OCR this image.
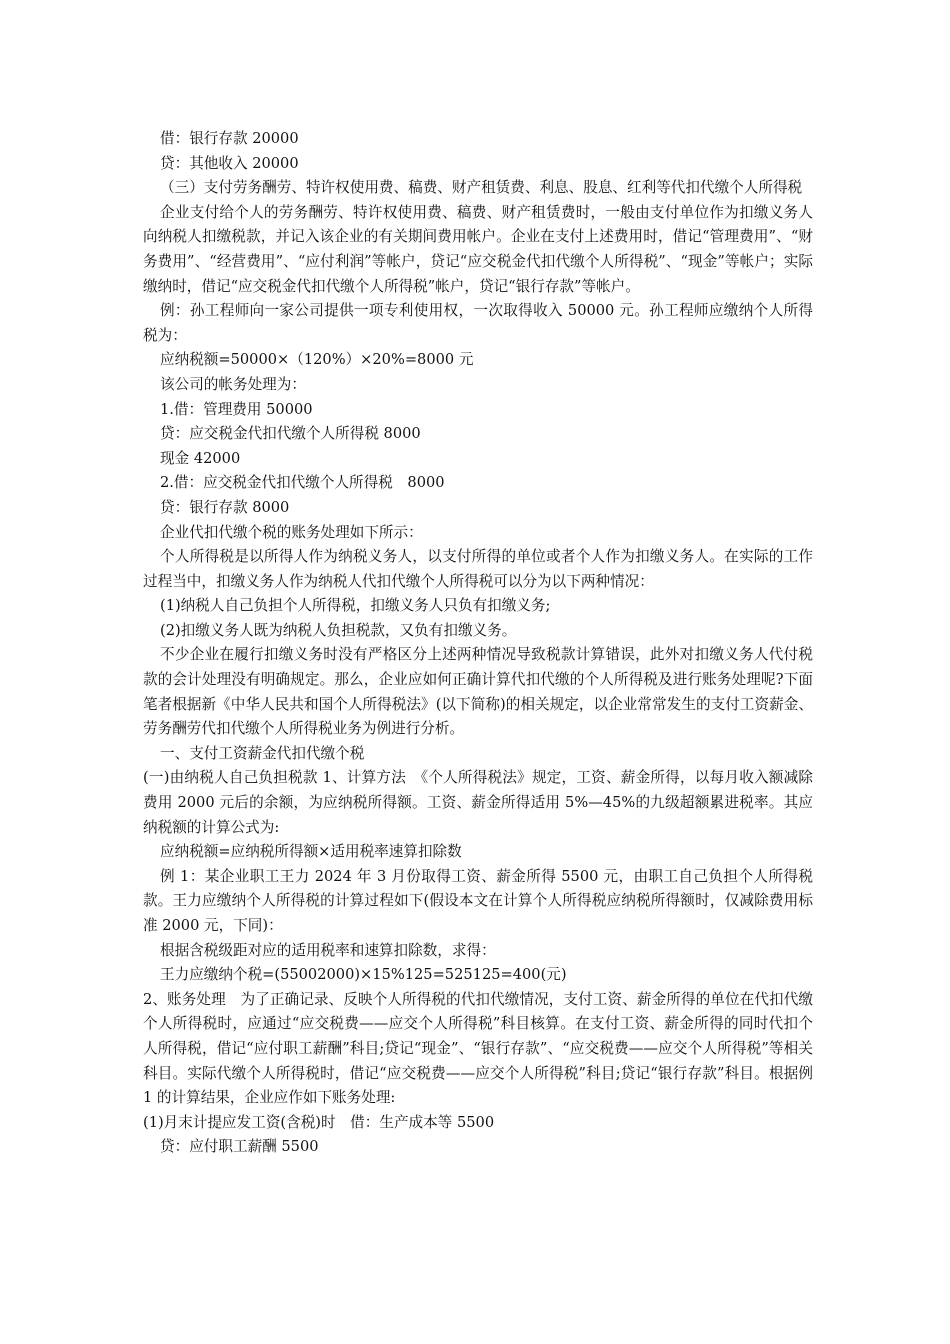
借：银行存款 20000

贷：其他收入 20000

（三）支付劳务酬劳、特许权使用费、稿费、财产租赁费、利息、股息、红利等代扣代缴个人所得税

企业支付给个人的劳务酬劳、特许权使用费、稿费、财产租赁费时，一般由支付单位作为扣缴义务人向纳税人扣缴税款，并记入该企业的有关期间费用帐户。企业在支付上述费用时，借记“管理费用”、“财务费用”、“经营费用”、“应付利润”等帐户，贷记“应交税金代扣代缴个人所得税”、“现金”等帐户；实际缴纳时，借记“应交税金代扣代缴个人所得税”帐户，贷记“银行存款”等帐户。

例：孙工程师向一家公司提供一项专利使用权，一次取得收入 50000 元。孙工程师应缴纳个人所得税为：

应纳税额=50000×（120%）×20%=8000 元

该公司的帐务处理为：

1.借：管理费用 50000

贷：应交税金代扣代缴个人所得税 8000

现金 42000

2.借：应交税金代扣代缴个人所得税　8000

贷：银行存款 8000

企业代扣代缴个税的账务处理如下所示：

个人所得税是以所得人作为纳税义务人，以支付所得的单位或者个人作为扣缴义务人。在实际的工作过程当中，扣缴义务人作为纳税人代扣代缴个人所得税可以分为以下两种情况：

(1)纳税人自己负担个人所得税，扣缴义务人只负有扣缴义务;

(2)扣缴义务人既为纳税人负担税款，又负有扣缴义务。

不少企业在履行扣缴义务时没有严格区分上述两种情况导致税款计算错误，此外对扣缴义务人代付税款的会计处理没有明确规定。那么，企业应如何正确计算代扣代缴的个人所得税及进行账务处理呢?下面笔者根据新《中华人民共和国个人所得税法》(以下简称)的相关规定，以企业常常发生的支付工资薪金、劳务酬劳代扣代缴个人所得税业务为例进行分析。

一、支付工资薪金代扣代缴个税

(一)由纳税人自己负担税款 1、计算方法　《个人所得税法》规定，工资、薪金所得，以每月收入额减除费用 2000 元后的余额，为应纳税所得额。工资、薪金所得适用 5%—45%的九级超额累进税率。其应纳税额的计算公式为:

应纳税额=应纳税所得额×适用税率速算扣除数

例 1：某企业职工王力 2024 年 3 月份取得工资、薪金所得 5500 元，由职工自己负担个人所得税款。王力应缴纳个人所得税的计算过程如下(假设本文在计算个人所得税应纳税所得额时，仅减除费用标准 2000 元，下同)：

根据含税级距对应的适用税率和速算扣除数，求得：

王力应缴纳个税=(55002000)×15%125=525125=400(元)

2、账务处理　为了正确记录、反映个人所得税的代扣代缴情况，支付工资、薪金所得的单位在代扣代缴个人所得税时，应通过“应交税费——应交个人所得税”科目核算。在支付工资、薪金所得的同时代扣个人所得税，借记“应付职工薪酬”科目;贷记“现金”、“银行存款”、“应交税费——应交个人所得税”等相关科目。实际代缴个人所得税时，借记“应交税费——应交个人所得税”科目;贷记“银行存款”科目。根据例 1 的计算结果，企业应作如下账务处理:

(1)月末计提应发工资(含税)时　借：生产成本等 5500

贷：应付职工薪酬 5500
